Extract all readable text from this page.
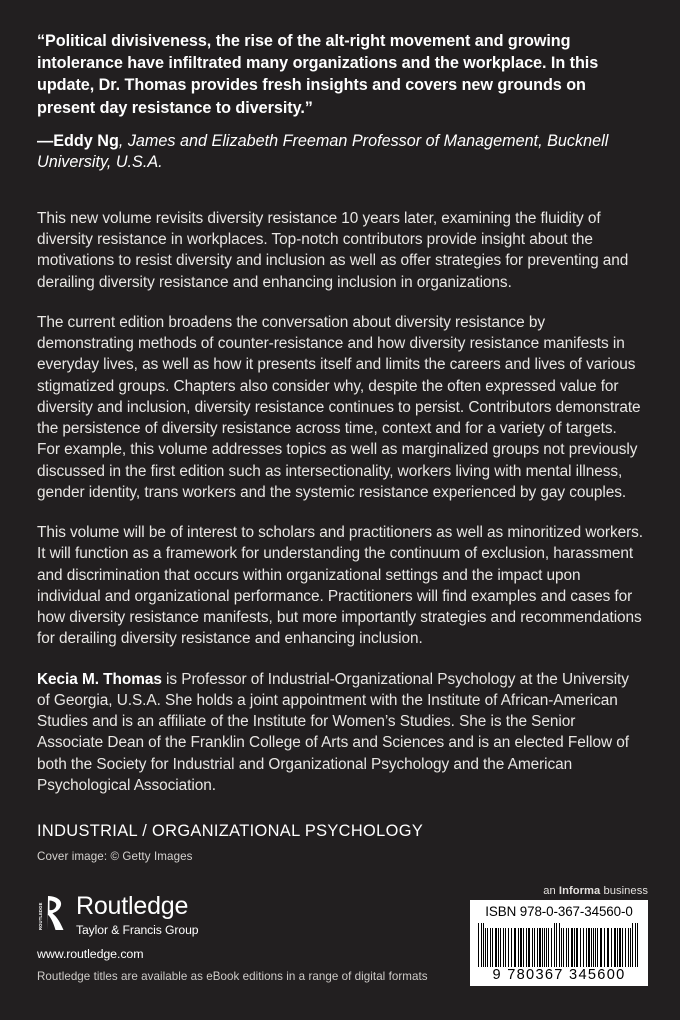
“Political divisiveness, the rise of the alt-right movement and growing intolerance have infiltrated many organizations and the workplace. In this update, Dr. Thomas provides fresh insights and covers new grounds on present day resistance to diversity.”

—Eddy Ng, James and Elizabeth Freeman Professor of Management, Bucknell University, U.S.A.

This new volume revisits diversity resistance 10 years later, examining the fluidity of diversity resistance in workplaces. Top-notch contributors provide insight about the motivations to resist diversity and inclusion as well as offer strategies for preventing and derailing diversity resistance and enhancing inclusion in organizations.

The current edition broadens the conversation about diversity resistance by demonstrating methods of counter-resistance and how diversity resistance manifests in everyday lives, as well as how it presents itself and limits the careers and lives of various stigmatized groups. Chapters also consider why, despite the often expressed value for diversity and inclusion, diversity resistance continues to persist. Contributors demonstrate the persistence of diversity resistance across time, context and for a variety of targets. For example, this volume addresses topics as well as marginalized groups not previously discussed in the first edition such as intersectionality, workers living with mental illness, gender identity, trans workers and the systemic resistance experienced by gay couples.

This volume will be of interest to scholars and practitioners as well as minoritized workers. It will function as a framework for understanding the continuum of exclusion, harassment and discrimination that occurs within organizational settings and the impact upon individual and organizational performance. Practitioners will find examples and cases for how diversity resistance manifests, but more importantly strategies and recommendations for derailing diversity resistance and enhancing inclusion.

Kecia M. Thomas is Professor of Industrial-Organizational Psychology at the University of Georgia, U.S.A. She holds a joint appointment with the Institute of African-American Studies and is an affiliate of the Institute for Women’s Studies. She is the Senior Associate Dean of the Franklin College of Arts and Sciences and is an elected Fellow of both the Society for Industrial and Organizational Psychology and the American Psychological Association.

INDUSTRIAL / ORGANIZATIONAL PSYCHOLOGY
Cover image: © Getty Images
ROUTLEDGE Routledge
Taylor & Francis Group
www.routledge.com
an Informa business
ISBN 978-0-367-34560-0
9 780367 345600
Routledge titles are available as eBook editions in a range of digital formats
